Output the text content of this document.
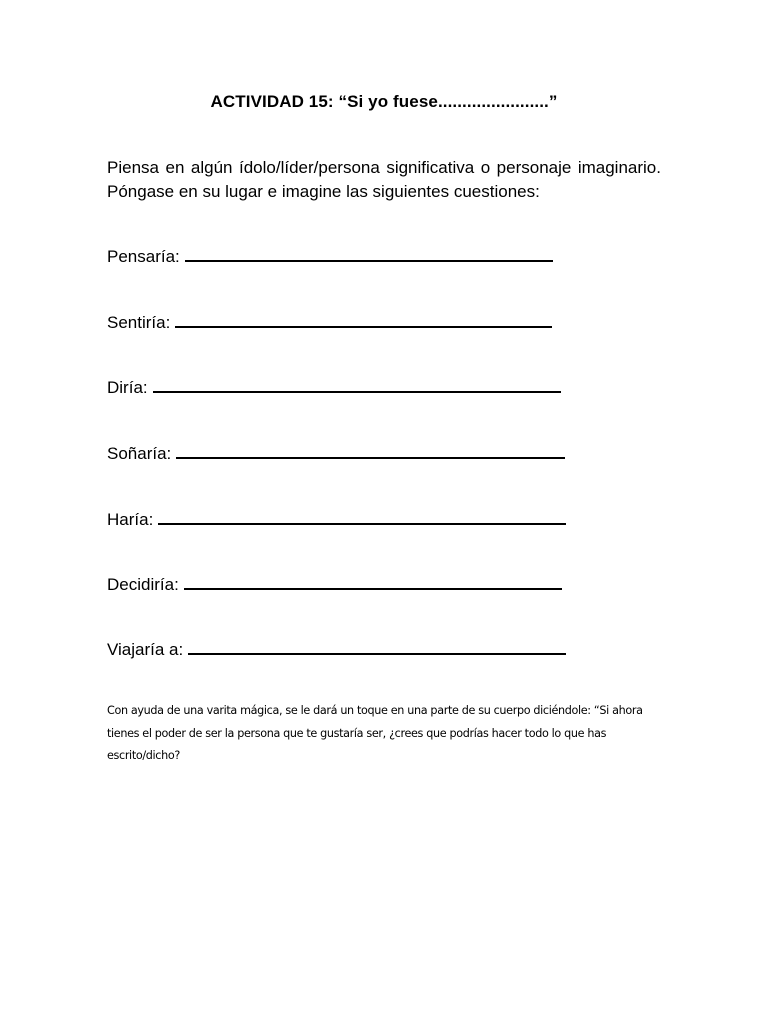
ACTIVIDAD 15: “Si yo fuese.......................”

Piensa en algún ídolo/líder/persona significativa o personaje imaginario. Póngase en su lugar e imagine las siguientes cuestiones:

Pensaría:
Sentiría:
Diría:
Soñaría:
Haría:
Decidiría:
Viajaría a:

Con ayuda de una varita mágica, se le dará un toque en una parte de su cuerpo diciéndole: “Si ahora tienes el poder de ser la persona que te gustaría ser, ¿crees que podrías hacer todo lo que has escrito/dicho?
